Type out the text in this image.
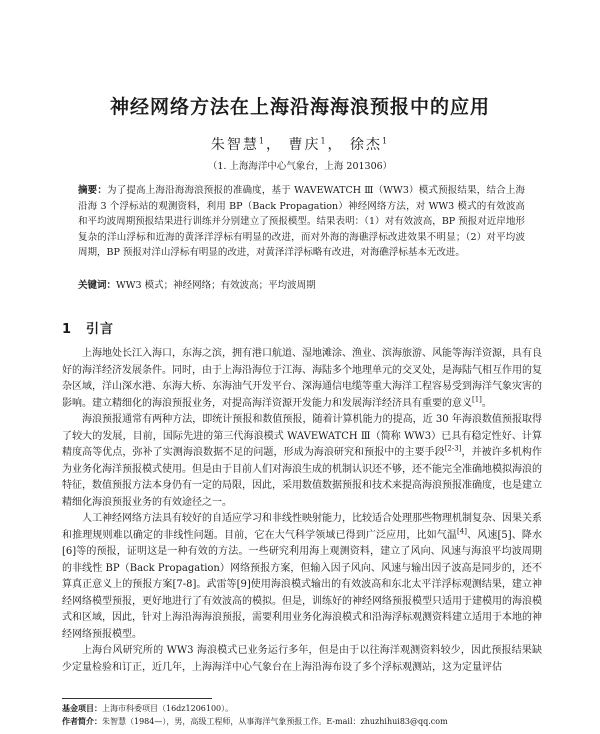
神经网络方法在上海沿海海浪预报中的应用
朱智慧$^1$， 曹庆$^1$， 徐杰$^1$
（1. 上海海洋中心气象台，上海 201306）
摘要：为了提高上海沿海海浪预报的准确度，基于 WAVEWATCH Ⅲ（WW3）模式预报结果，结合上海沿海 3 个浮标站的观测资料，利用 BP（Back Propagation）神经网络方法，对 WW3 模式的有效波高和平均波周期预报结果进行训练并分别建立了预报模型。结果表明：（1）对有效波高，BP 预报对近岸地形复杂的洋山浮标和近海的黄泽洋浮标有明显的改进，而对外海的海礁浮标改进效果不明显；（2）对平均波周期，BP 预报对洋山浮标有明显的改进，对黄泽洋浮标略有改进，对海礁浮标基本无改进。
关键词：WW3 模式；神经网络；有效波高；平均波周期
1 引言

上海地处长江入海口，东海之滨，拥有港口航道、湿地滩涂、渔业、滨海旅游、风能等海洋资源，具有良好的海洋经济发展条件。同时，由于上海沿海位于江海、海陆多个地理单元的交叉处，是海陆气相互作用的复杂区域，洋山深水港、东海大桥、东海油气开发平台、深海通信电缆等重大海洋工程容易受到海洋气象灾害的影响。建立精细化的海浪预报业务，对提高海洋资源开发能力和发展海洋经济具有重要的意义[1]。

海浪预报通常有两种方法，即统计预报和数值预报，随着计算机能力的提高，近 30 年海浪数值预报取得了较大的发展，目前，国际先进的第三代海浪模式 WAVEWATCH Ⅲ（简称 WW3）已具有稳定性好、计算精度高等优点，弥补了实测海浪数据不足的问题，形成为海浪研究和预报中的主要手段[2-3]，并被许多机构作为业务化海洋预报模式使用。但是由于目前人们对海浪生成的机制认识还不够，还不能完全准确地模拟海浪的特征，数值预报方法本身仍有一定的局限，因此，采用数值数据预报和技术来提高海浪预报准确度，也是建立精细化海浪预报业务的有效途径之一。

人工神经网络方法具有较好的自适应学习和非线性映射能力，比较适合处理那些物理机制复杂、因果关系和推理规则难以确定的非线性问题。目前，它在大气科学领域已得到广泛应用，比如气温[4]、风速[5]、降水[6]等的预报，证明这是一种有效的方法。一些研究利用海上观测资料，建立了风向、风速与海浪平均波周期的非线性 BP（Back Propagation）网络预报方案，但输入因子风向、风速与输出因子波高是同步的，还不算真正意义上的预报方案[7-8]。武雷等[9]使用海浪模式输出的有效波高和东北太平洋浮标观测结果，建立神经网络模型预报，更好地进行了有效波高的模拟。但是，训练好的神经网络预报模型只适用于建模用的海浪模式和区域，因此，针对上海沿海海浪预报，需要利用业务化海浪模式和沿海浮标观测资料建立适用于本地的神经网络预报模型。

上海台风研究所的 WW3 海浪模式已业务运行多年，但是由于以往海洋观测资料较少，因此预报结果缺少定量检验和订正，近几年，上海海洋中心气象台在上海沿海布设了多个浮标观测站，这为定量评估

基金项目：上海市科委项目（16dz1206100）。
作者简介：朱智慧（1984—），男，高级工程师，从事海洋气象预报工作。E-mail：zhuzhihui83@qq.com
